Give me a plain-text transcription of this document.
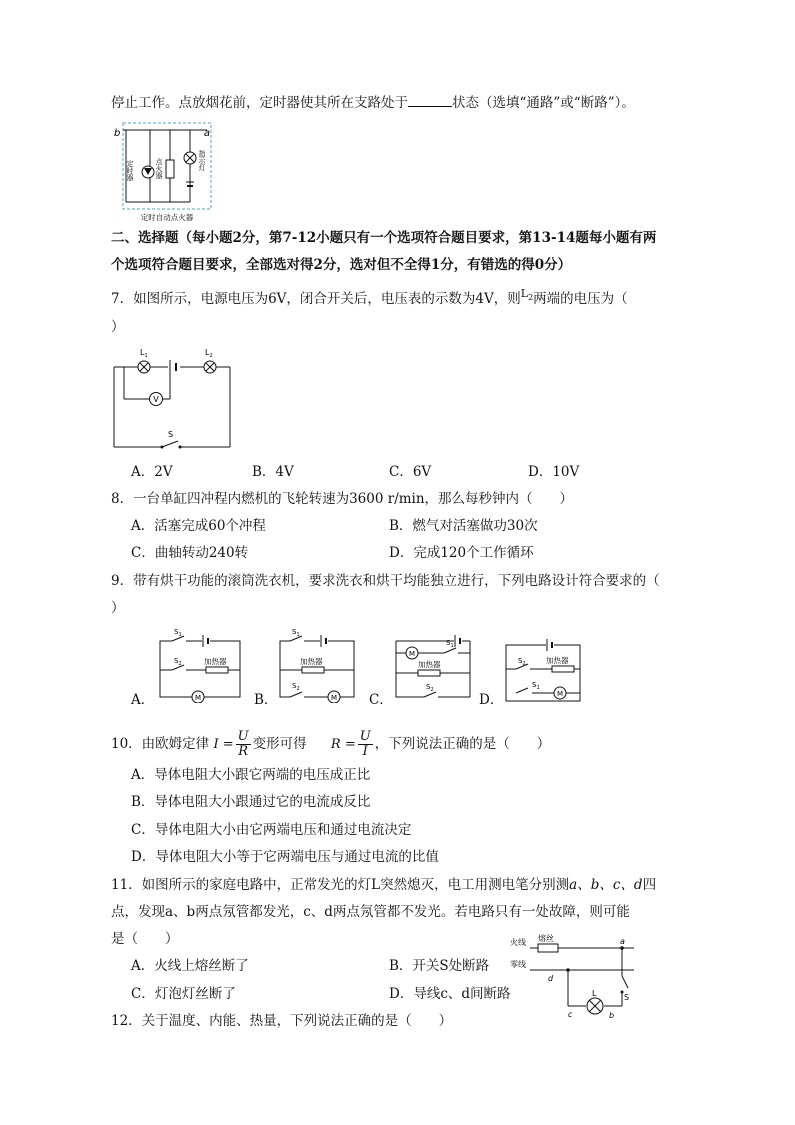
停止工作。点放烟花前，定时器使其所在支路处于	状态（选填“通路”或“断路”）。
b	a
定时器	点火器	指示灯
定时自动点火器
二、选择题（每小题2分，第7-12小题只有一个选项符合题目要求，第13-14题每小题有两
个选项符合题目要求，全部选对得2分，选对但不全得1分，有错选的得0分）
7．如图所示，电源电压为6V，闭合开关后，电压表的示数为4V，则$^{L_2}$两端的电压为（
）
V
$L_1$	$L_2$
S
A．2V	B．4V	C．6V	D．10V
8．一台单缸四冲程内燃机的飞轮转速为3600 r/min，那么每秒钟内（　　）
A．活塞完成60个冲程	B．燃气对活塞做功30次
C．曲轴转动240转	D．完成120个工作循环
9．带有烘干功能的滚筒洗衣机，要求洗衣和烘干均能独立进行，下列电路设计符合要求的（
）
A．	M
加热器
$S_1$
$S_2$
B．	M
加热器
$S_1$
$S_2$
C．
M
加热器
$S_1$
$S_2$
D．	M
加热器
$S_2$
$S_1$
10．由欧姆定律 $I = \frac{U}{R}$ 变形可得 $R = \frac{U}{I}$ ，下列说法正确的是（　　）
A．导体电阻大小跟它两端的电压成正比
B．导体电阻大小跟通过它的电流成反比
C．导体电阻大小由它两端电压和通过电流决定
D．导体电阻大小等于它两端电压与通过电流的比值
11．如图所示的家庭电路中，正常发光的灯L突然熄灭，电工用测电笔分别测a、b、c、d四
点，发现a、b两点氖管都发光，c、d两点氖管都不发光。若电路只有一处故障，则可能
是（　　）
A．火线上熔丝断了	B．开关S处断路
C．灯泡灯丝断了	D．导线c、d间断路
火线 熔丝
零线
a
d
c	b
L	S
12．关于温度、内能、热量，下列说法正确的是（　　）
